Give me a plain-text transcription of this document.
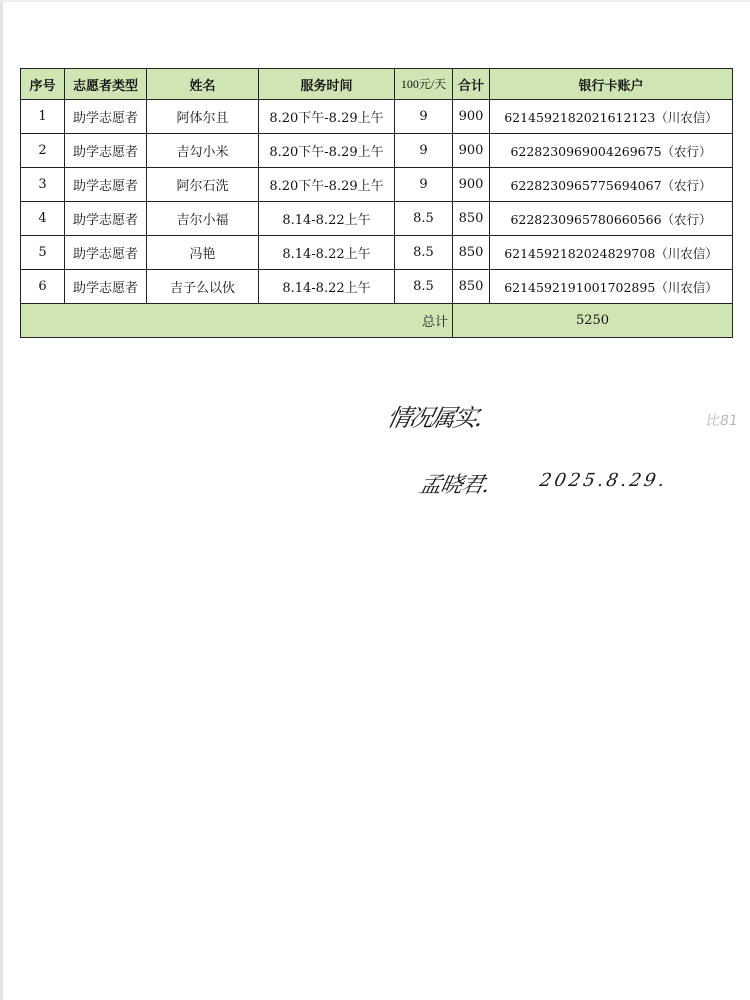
序号	志愿者类型	姓名	服务时间	100元/天	合计	银行卡账户
1	助学志愿者	阿体尔且	8.20下午-8.29上午	9	900	6214592182021612123（川农信）
2	助学志愿者	吉勾小米	8.20下午-8.29上午	9	900	6228230969004269675（农行）
3	助学志愿者	阿尔石洗	8.20下午-8.29上午	9	900	6228230965775694067（农行）
4	助学志愿者	吉尔小福	8.14-8.22上午	8.5	850	6228230965780660566（农行）
5	助学志愿者	冯艳	8.14-8.22上午	8.5	850	6214592182024829708（川农信）
6	助学志愿者	吉子么以伙	8.14-8.22上午	8.5	850	6214592191001702895（川农信）
总计					5250	
情况属实.
孟晓君.	2025.8.29.
比81
